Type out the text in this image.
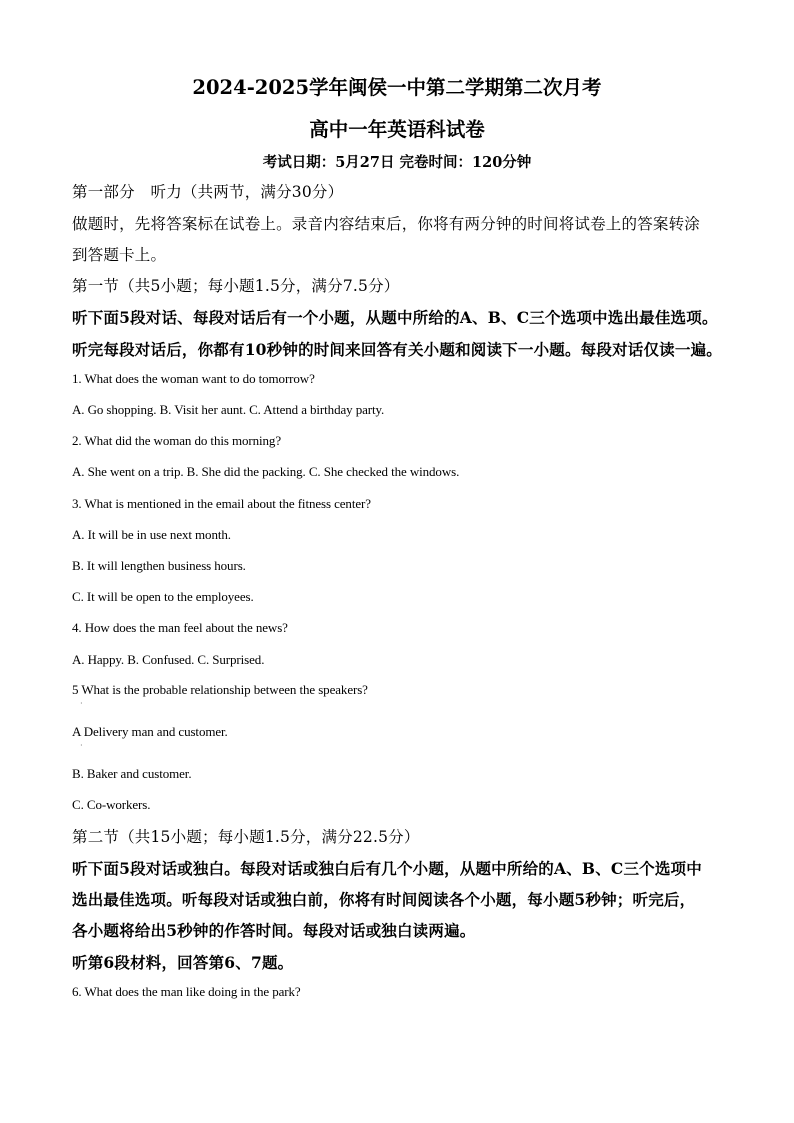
2024-2025学年闽侯一中第二学期第二次月考
高中一年英语科试卷
考试日期：5月27日 完卷时间：120分钟
第一部分　听力（共两节，满分30分）
做题时，先将答案标在试卷上。录音内容结束后，你将有两分钟的时间将试卷上的答案转涂
到答题卡上。
第一节（共5小题；每小题1.5分，满分7.5分）
听下面5段对话、每段对话后有一个小题，从题中所给的A、B、C三个选项中选出最佳选项。
听完每段对话后，你都有10秒钟的时间来回答有关小题和阅读下一小题。每段对话仅读一遍。
1. What does the woman want to do tomorrow?
A. Go shopping. B. Visit her aunt. C. Attend a birthday party.
2. What did the woman do this morning?
A. She went on a trip. B. She did the packing. C. She checked the windows.
3. What is mentioned in the email about the fitness center?
A. It will be in use next month.
B. It will lengthen business hours.
C. It will be open to the employees.
4. How does the man feel about the news?
A. Happy. B. Confused. C. Surprised.
5 What is the probable relationship between the speakers?
·
A Delivery man and customer.
·
B. Baker and customer.
C. Co-workers.
第二节（共15小题；每小题1.5分，满分22.5分）
听下面5段对话或独白。每段对话或独白后有几个小题，从题中所给的A、B、C三个选项中
选出最佳选项。听每段对话或独白前，你将有时间阅读各个小题，每小题5秒钟；听完后，
各小题将给出5秒钟的作答时间。每段对话或独白读两遍。
听第6段材料，回答第6、7题。
6. What does the man like doing in the park?
